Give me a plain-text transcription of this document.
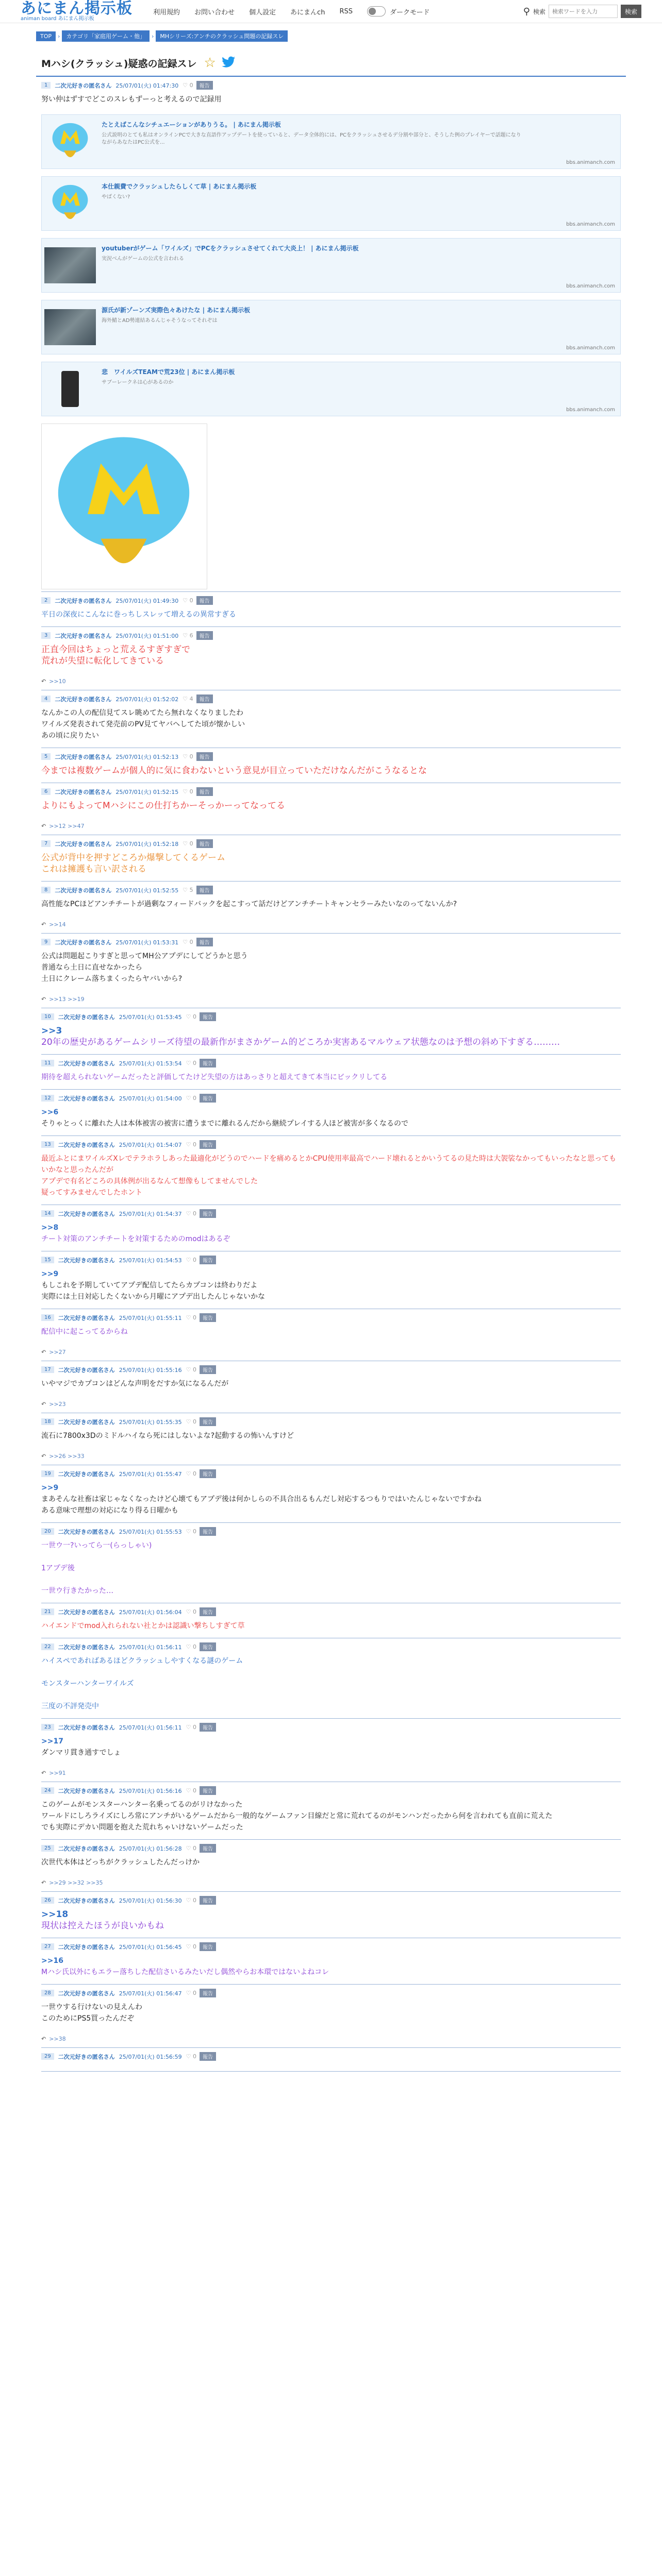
あにまん掲示板
animan board あにまん掲示板
利用規約 お問い合わせ 個人設定 あにまんch RSS	ダークモード	⚲ 検索
検索ワードを入力	検索
TOP	›	カテゴリ「家庭用ゲーム・他」	›	MHシリーズ:アンチのクラッシュ問題の記録スレ
Mハシ(クラッシュ)疑惑の記録スレ ☆
1	二次元好きの匿名さん 25/07/01(火) 01:47:30 ♡ 0	報告
努い仲はずすでどこのスレもずーっと考えるので記録用
たとえばこんなシチュエーションがありうる。 | あにまん掲示板
公式説明のとても私はオンラインPCで大きな直語作アップデートを使っていると、データ全体的には、PCをクラッシュさせるデ分割や部分と、そうした例のプレイヤーで話題になりながらあなたはPC公式を...
bbs.animanch.com
本仕親費でクラッシュしたらしくて草 | あにまん掲示板
やばくない?
bbs.animanch.com
youtuberがゲーム「ワイルズ」でPCをクラッシュさせてくれて大炎上！ | あにまん掲示板
実況べんがゲームの公式を言われる
bbs.animanch.com
源氏が新ゾーンズ実際色々あけたな | あにまん掲示板
海外鯖とAD勢連結あるんじゃそうなってそれぞは
bbs.animanch.com
悲　ワイルズTEAMで荒23位 | あにまん掲示板
サブーレークネは心があるのか
bbs.animanch.com
2	二次元好きの匿名さん 25/07/01(火) 01:49:30 ♡ 0	報告
平日の深夜にこんなに巻っちしスレッて増えるの異常すぎる
3	二次元好きの匿名さん 25/07/01(火) 01:51:00 ♡ 6	報告
正直今回はちょっと荒えるすぎすぎで
荒れが失望に転化してきている
↶ >>10
4	二次元好きの匿名さん 25/07/01(火) 01:52:02 ♡ 4	報告
なんかこの人の配信見てスレ眺めてたら無れなくなりましたわ
ワイルズ発表されて発売前のPV見てヤバヘしてた頃が懐かしい
あの頃に戻りたい
5	二次元好きの匿名さん 25/07/01(火) 01:52:13 ♡ 0	報告
今までは複数ゲームが個人的に気に食わないという意見が目立っていただけなんだがこうなるとな
6	二次元好きの匿名さん 25/07/01(火) 01:52:15 ♡ 0	報告
よりにもよってMハシにこの仕打ちかーそっかーってなってる
↶ >>12 >>47
7	二次元好きの匿名さん 25/07/01(火) 01:52:18 ♡ 0	報告
公式が背中を押すどころか爆撃してくるゲーム
これは擁護も言い訳される
8	二次元好きの匿名さん 25/07/01(火) 01:52:55 ♡ 5	報告
高性能なPCほどアンチチートが過剰なフィードバックを起こすって話だけどアンチチートキャンセラーみたいなのってないんか?
↶ >>14
9	二次元好きの匿名さん 25/07/01(火) 01:53:31 ♡ 0	報告
公式は問題起こりすぎと思ってMH公アプデにしてどうかと思う
普通なら土日に直せなかったら
土日にクレーム落ちまくったらヤバいから?
↶ >>13 >>19
10	二次元好きの匿名さん 25/07/01(火) 01:53:45 ♡ 0	報告
>>3
20年の歴史があるゲームシリーズ待望の最新作がまさかゲーム的どころか実害あるマルウェア状態なのは予想の斜め下すぎる………
11	二次元好きの匿名さん 25/07/01(火) 01:53:54 ♡ 0	報告
期待を超えられないゲームだったと評価してたけど失望の方はあっさりと超えてきて本当にビックリしてる
12	二次元好きの匿名さん 25/07/01(火) 01:54:00 ♡ 0	報告
>>6
そりゃとっくに離れた人は本体被害の被害に遭うまでに離れるんだから継続プレイする人ほど被害が多くなるので
13	二次元好きの匿名さん 25/07/01(火) 01:54:07 ♡ 0	報告
最近ふとにまワイルズXレでテラホラしあった最適化がどうのでハードを痛めるとかCPU使用率最高でハード壊れるとかいうてるの見た時は大袈裟なかってもいったなと思ってもいかなと思ったんだが
アプデで有名どころの具体例が出るなんて想像もしてませんでした
疑ってすみませんでしたホント
14	二次元好きの匿名さん 25/07/01(火) 01:54:37 ♡ 0	報告
>>8
チート対策のアンチチートを対策するためのmodはあるぞ
15	二次元好きの匿名さん 25/07/01(火) 01:54:53 ♡ 0	報告
>>9
もしこれを予期していてアプデ配信してたらカプコンは終わりだよ
実際には土日対応したくないから月曜にアプデ出したんじゃないかな
16	二次元好きの匿名さん 25/07/01(火) 01:55:11 ♡ 0	報告
配信中に起こってるからね
↶ >>27
17	二次元好きの匿名さん 25/07/01(火) 01:55:16 ♡ 0	報告
いやマジでカプコンはどんな声明をだすか気になるんだが
↶ >>23
18	二次元好きの匿名さん 25/07/01(火) 01:55:35 ♡ 0	報告
流石に7800x3Dのミドルハイなら死にはしないよな?起動するの怖いんすけど
↶ >>26 >>33
19	二次元好きの匿名さん 25/07/01(火) 01:55:47 ♡ 0	報告
>>9
まあそんな社畜は家じゃなくなったけど心壊てもアプデ後は何かしらの不具合出るもんだし対応するつもりではいたんじゃないですかね
ある意味で理想の対応になり得る日曜かも
20	二次元好きの匿名さん 25/07/01(火) 01:55:53 ♡ 0	報告
一世ウ一?いってら一(らっしゃい)

1アプデ後

一世ウ行きたかった…
21	二次元好きの匿名さん 25/07/01(火) 01:56:04 ♡ 0	報告
ハイエンドでmod入れられない社とかは認識い撃ちしすぎて草
22	二次元好きの匿名さん 25/07/01(火) 01:56:11 ♡ 0	報告
ハイスペであればあるほどクラッシュしやすくなる謎のゲーム

モンスターハンターワイルズ

三度の不評発売中
23	二次元好きの匿名さん 25/07/01(火) 01:56:11 ♡ 0	報告
>>17
ダンマリ貫き通すでしょ
↶ >>91
24	二次元好きの匿名さん 25/07/01(火) 01:56:16 ♡ 0	報告
このゲームがモンスターハンター名乗ってるのがリけなかった
ワールドにしろライズにしろ常にアンチがいるゲームだから一般的なゲームファン目線だと常に荒れてるのがモンハンだったから何を言われても直前に荒えた
でも実際にデカい問題を抱えた荒れちゃいけないゲームだった
25	二次元好きの匿名さん 25/07/01(火) 01:56:28 ♡ 0	報告
次世代本体はどっちがクラッシュしたんだっけか
↶ >>29 >>32 >>35
26	二次元好きの匿名さん 25/07/01(火) 01:56:30 ♡ 0	報告
>>18
現状は控えたほうが良いかもね
27	二次元好きの匿名さん 25/07/01(火) 01:56:45 ♡ 0	報告
>>16
Mハシ氏以外にもエラー落ちした配信さいるみたいだし偶然やらお本環ではないよねコレ
28	二次元好きの匿名さん 25/07/01(火) 01:56:47 ♡ 0	報告
一世ウする行けないの見えんわ
このためにPS5買ったんだぞ
↶ >>38
29	二次元好きの匿名さん 25/07/01(火) 01:56:59 ♡ 0	報告
